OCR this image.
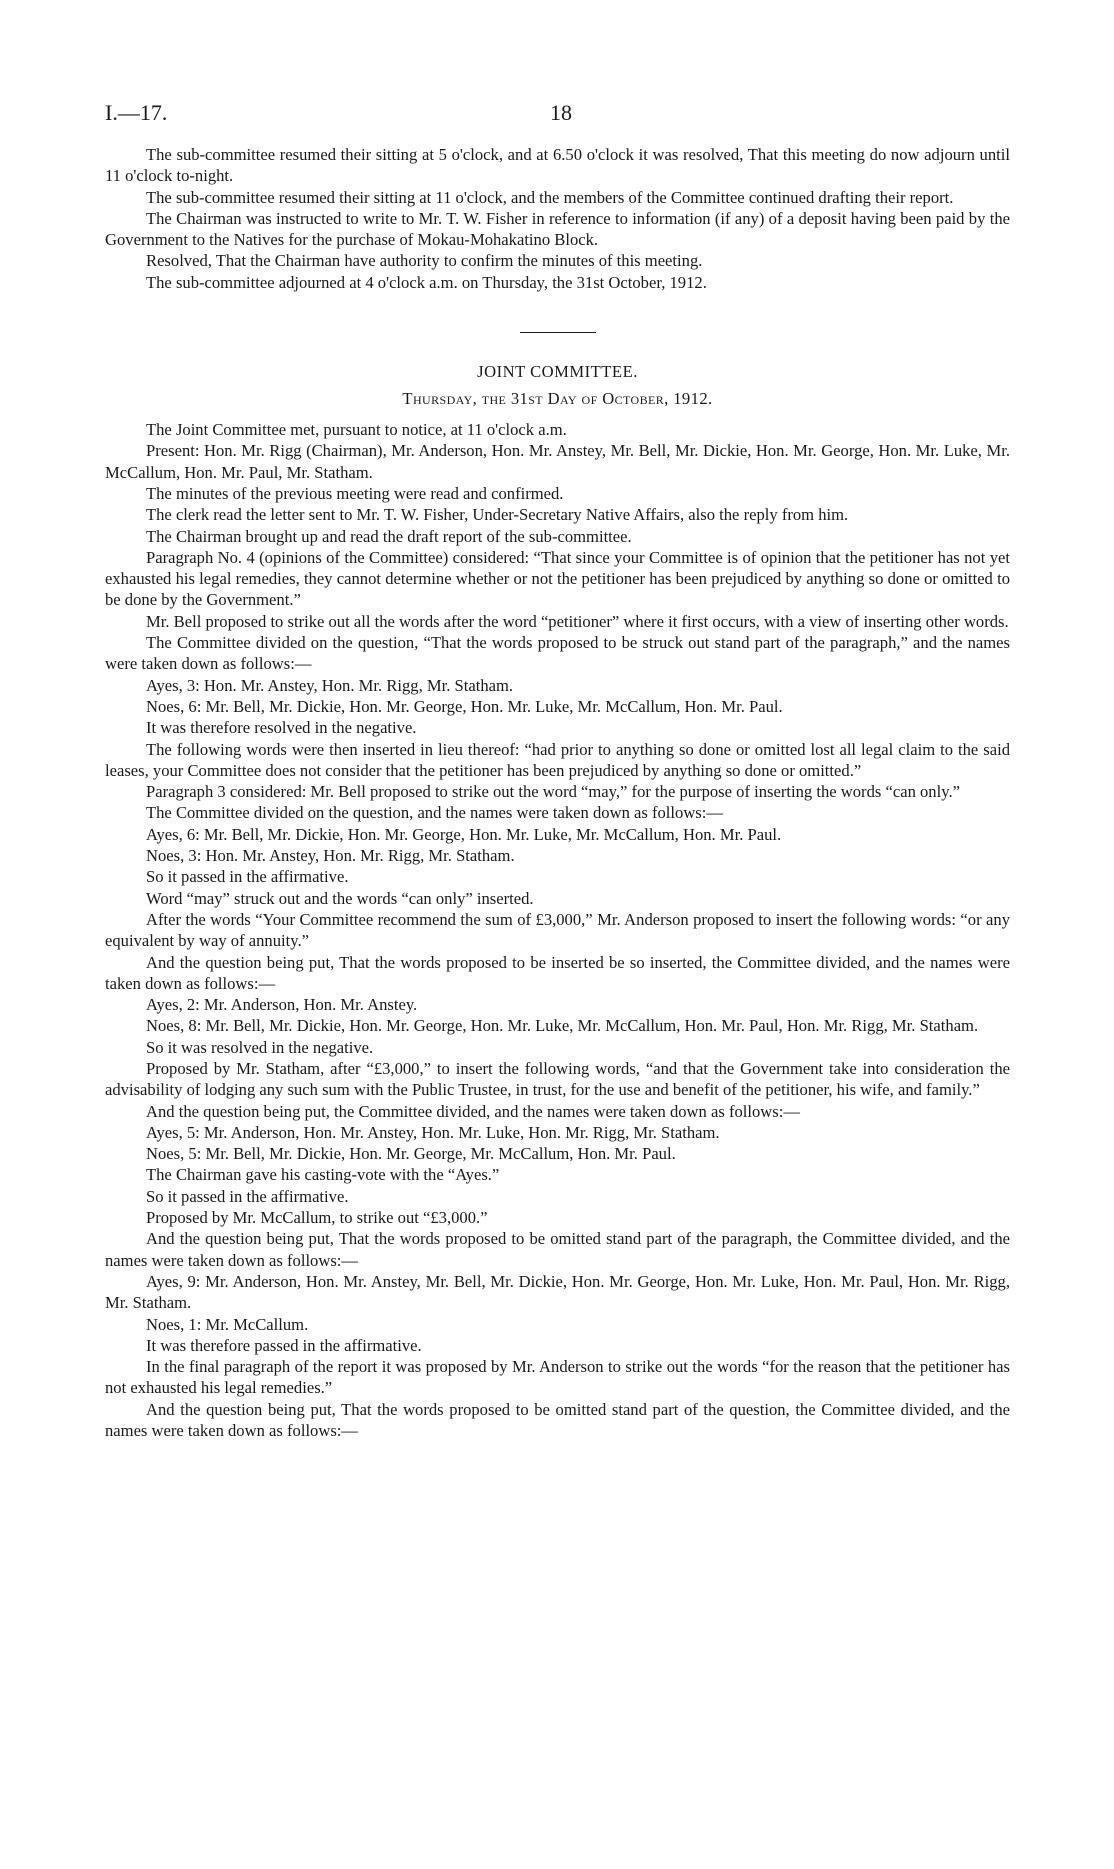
I.—17.	18

The sub-committee resumed their sitting at 5 o'clock, and at 6.50 o'clock it was resolved, That this meeting do now adjourn until 11 o'clock to-night.

The sub-committee resumed their sitting at 11 o'clock, and the members of the Committee continued drafting their report.

The Chairman was instructed to write to Mr. T. W. Fisher in reference to information (if any) of a deposit having been paid by the Government to the Natives for the purchase of Mokau-Mohakatino Block.

Resolved, That the Chairman have authority to confirm the minutes of this meeting.

The sub-committee adjourned at 4 o'clock a.m. on Thursday, the 31st October, 1912.

JOINT COMMITTEE.
Thursday, the 31st Day of October, 1912.

The Joint Committee met, pursuant to notice, at 11 o'clock a.m.

Present: Hon. Mr. Rigg (Chairman), Mr. Anderson, Hon. Mr. Anstey, Mr. Bell, Mr. Dickie, Hon. Mr. George, Hon. Mr. Luke, Mr. McCallum, Hon. Mr. Paul, Mr. Statham.

The minutes of the previous meeting were read and confirmed.

The clerk read the letter sent to Mr. T. W. Fisher, Under-Secretary Native Affairs, also the reply from him.

The Chairman brought up and read the draft report of the sub-committee.

Paragraph No. 4 (opinions of the Committee) considered: “That since your Committee is of opinion that the petitioner has not yet exhausted his legal remedies, they cannot determine whether or not the petitioner has been prejudiced by anything so done or omitted to be done by the Government.”

Mr. Bell proposed to strike out all the words after the word “petitioner” where it first occurs, with a view of inserting other words.

The Committee divided on the question, “That the words proposed to be struck out stand part of the paragraph,” and the names were taken down as follows:—

Ayes, 3: Hon. Mr. Anstey, Hon. Mr. Rigg, Mr. Statham.

Noes, 6: Mr. Bell, Mr. Dickie, Hon. Mr. George, Hon. Mr. Luke, Mr. McCallum, Hon. Mr. Paul.

It was therefore resolved in the negative.

The following words were then inserted in lieu thereof: “had prior to anything so done or omitted lost all legal claim to the said leases, your Committee does not consider that the petitioner has been prejudiced by anything so done or omitted.”

Paragraph 3 considered: Mr. Bell proposed to strike out the word “may,” for the purpose of inserting the words “can only.”

The Committee divided on the question, and the names were taken down as follows:—

Ayes, 6: Mr. Bell, Mr. Dickie, Hon. Mr. George, Hon. Mr. Luke, Mr. McCallum, Hon. Mr. Paul.

Noes, 3: Hon. Mr. Anstey, Hon. Mr. Rigg, Mr. Statham.

So it passed in the affirmative.

Word “may” struck out and the words “can only” inserted.

After the words “Your Committee recommend the sum of £3,000,” Mr. Anderson proposed to insert the following words: “or any equivalent by way of annuity.”

And the question being put, That the words proposed to be inserted be so inserted, the Committee divided, and the names were taken down as follows:—

Ayes, 2: Mr. Anderson, Hon. Mr. Anstey.

Noes, 8: Mr. Bell, Mr. Dickie, Hon. Mr. George, Hon. Mr. Luke, Mr. McCallum, Hon. Mr. Paul, Hon. Mr. Rigg, Mr. Statham.

So it was resolved in the negative.

Proposed by Mr. Statham, after “£3,000,” to insert the following words, “and that the Government take into consideration the advisability of lodging any such sum with the Public Trustee, in trust, for the use and benefit of the petitioner, his wife, and family.”

And the question being put, the Committee divided, and the names were taken down as follows:—

Ayes, 5: Mr. Anderson, Hon. Mr. Anstey, Hon. Mr. Luke, Hon. Mr. Rigg, Mr. Statham.

Noes, 5: Mr. Bell, Mr. Dickie, Hon. Mr. George, Mr. McCallum, Hon. Mr. Paul.

The Chairman gave his casting-vote with the “Ayes.”

So it passed in the affirmative.

Proposed by Mr. McCallum, to strike out “£3,000.”

And the question being put, That the words proposed to be omitted stand part of the paragraph, the Committee divided, and the names were taken down as follows:—

Ayes, 9: Mr. Anderson, Hon. Mr. Anstey, Mr. Bell, Mr. Dickie, Hon. Mr. George, Hon. Mr. Luke, Hon. Mr. Paul, Hon. Mr. Rigg, Mr. Statham.

Noes, 1: Mr. McCallum.

It was therefore passed in the affirmative.

In the final paragraph of the report it was proposed by Mr. Anderson to strike out the words “for the reason that the petitioner has not exhausted his legal remedies.”

And the question being put, That the words proposed to be omitted stand part of the question, the Committee divided, and the names were taken down as follows:—
